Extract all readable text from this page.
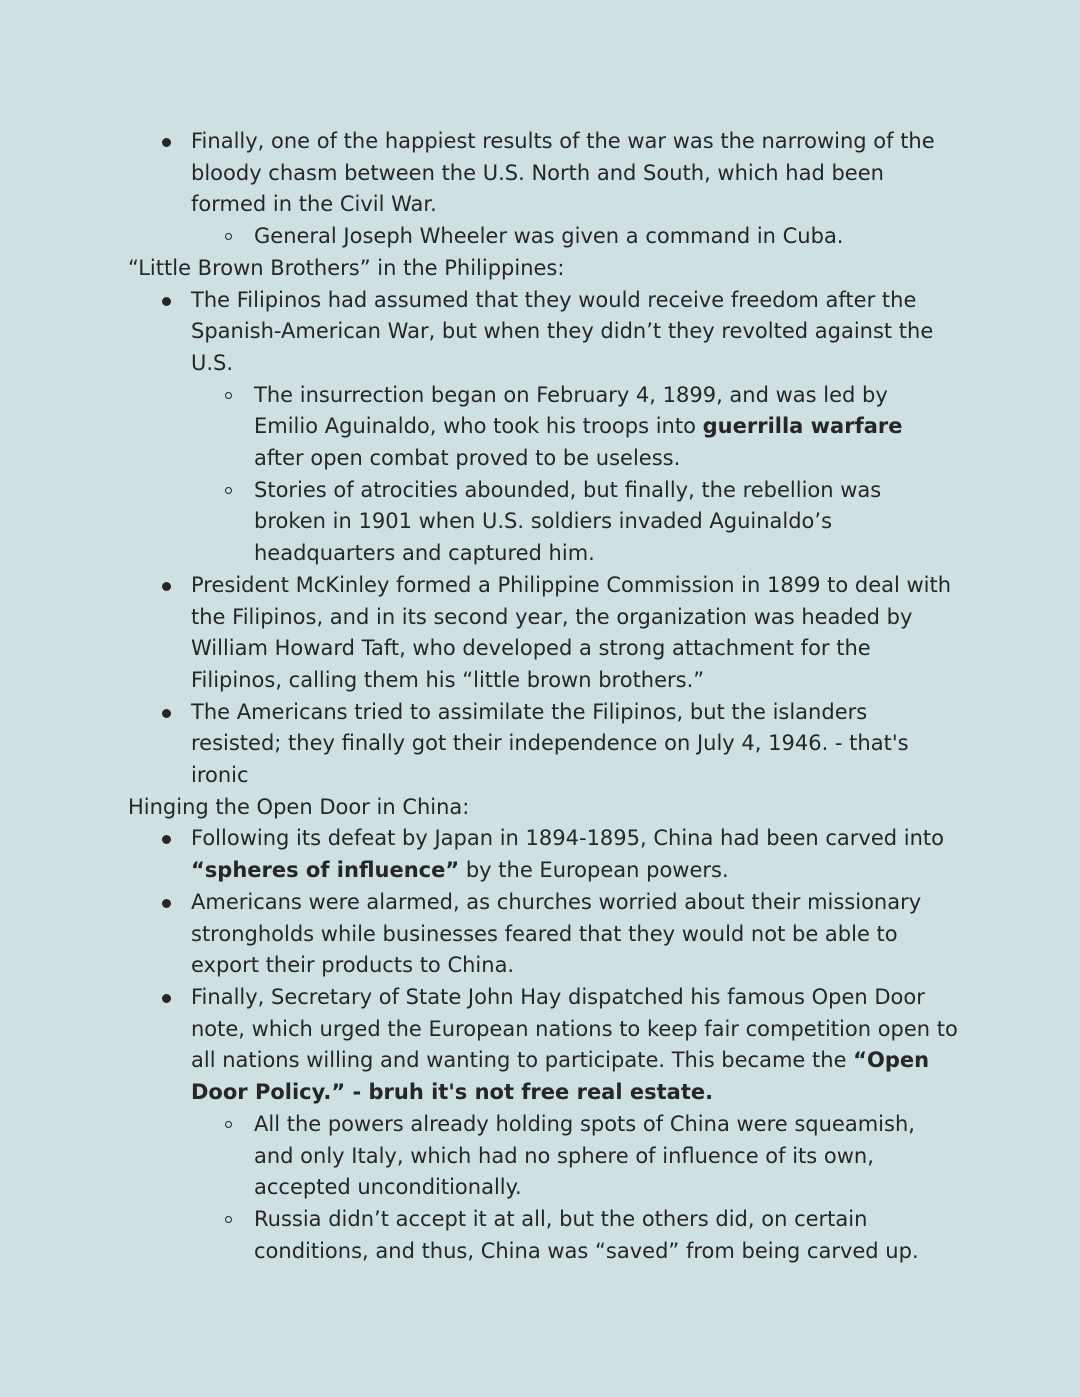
Finally, one of the happiest results of the war was the narrowing of the bloody chasm between the U.S. North and South, which had been formed in the Civil War.
General Joseph Wheeler was given a command in Cuba.

“Little Brown Brothers” in the Philippines:

The Filipinos had assumed that they would receive freedom after the Spanish-American War, but when they didn’t they revolted against the U.S.
The insurrection began on February 4, 1899, and was led by Emilio Aguinaldo, who took his troops into guerrilla warfare after open combat proved to be useless.
Stories of atrocities abounded, but finally, the rebellion was broken in 1901 when U.S. soldiers invaded Aguinaldo’s headquarters and captured him.
President McKinley formed a Philippine Commission in 1899 to deal with the Filipinos, and in its second year, the organization was headed by William Howard Taft, who developed a strong attachment for the Filipinos, calling them his “little brown brothers.”
The Americans tried to assimilate the Filipinos, but the islanders resisted; they finally got their independence on July 4, 1946. - that's ironic

Hinging the Open Door in China:

Following its defeat by Japan in 1894-1895, China had been carved into “spheres of influence” by the European powers.
Americans were alarmed, as churches worried about their missionary strongholds while businesses feared that they would not be able to export their products to China.
Finally, Secretary of State John Hay dispatched his famous Open Door note, which urged the European nations to keep fair competition open to all nations willing and wanting to participate. This became the “Open Door Policy.” - bruh it's not free real estate.
All the powers already holding spots of China were squeamish, and only Italy, which had no sphere of influence of its own, accepted unconditionally.
Russia didn’t accept it at all, but the others did, on certain conditions, and thus, China was “saved” from being carved up.
